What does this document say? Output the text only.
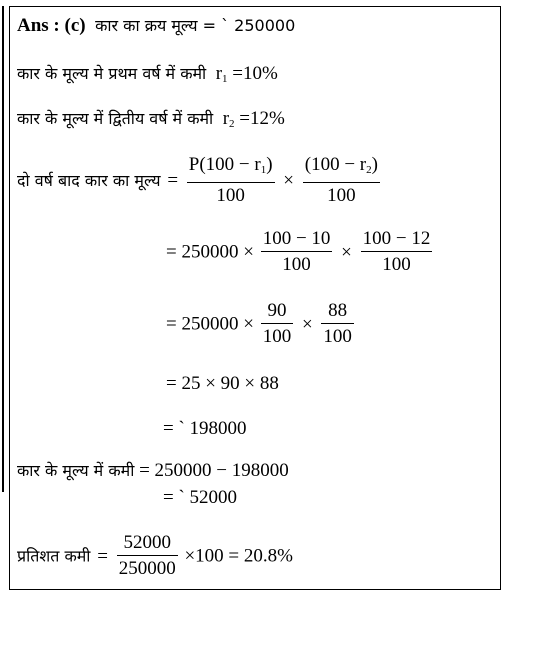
Ans : (c) कार का क्रय मूल्य = ` 250000
कार के मूल्य मे प्रथम वर्ष में कमी $r_1 =10\%$
कार के मूल्य में द्वितीय वर्ष में कमी $r_2 =12\%$
दो वर्ष बाद कार का मूल्य = $\frac{P(100 - r_1)}{100} \times \frac{(100 - r_2)}{100}$
= $250000 \times \frac{100 - 10}{100} \times \frac{100 - 12}{100}$
= $250000 \times \frac{90}{100} \times \frac{88}{100}$
= 25 × 90 × 88
= ` 198000
कार के मूल्य में कमी = 250000 − 198000
= ` 52000
प्रतिशत कमी = $\frac{52000}{250000} \times 100 = 20.8\%$
